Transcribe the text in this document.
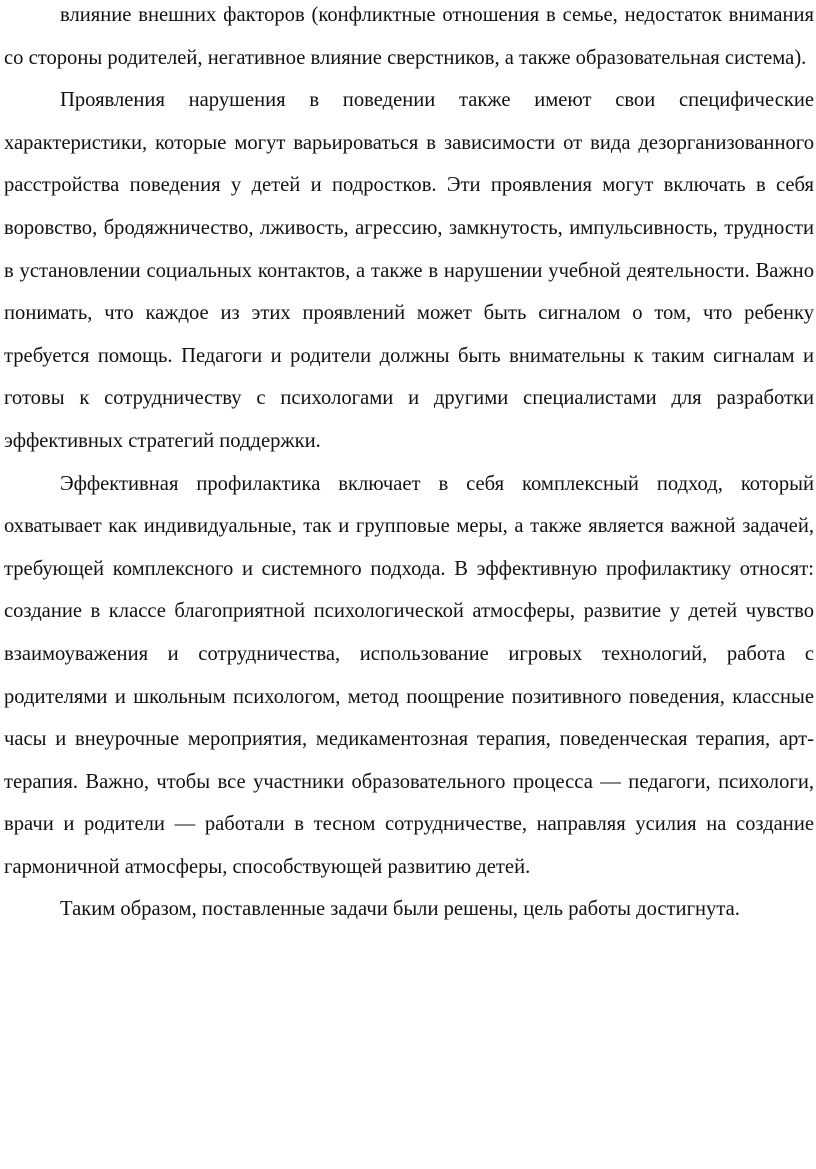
влияние внешних факторов (конфликтные отношения в семье, недостаток внимания со стороны родителей, негативное влияние сверстников, а также образовательная система).

Проявления нарушения в поведении также имеют свои специфические характеристики, которые могут варьироваться в зависимости от вида дезорганизованного расстройства поведения у детей и подростков. Эти проявления могут включать в себя воровство, бродяжничество, лживость, агрессию, замкнутость, импульсивность, трудности в установлении социальных контактов, а также в нарушении учебной деятельности. Важно понимать, что каждое из этих проявлений может быть сигналом о том, что ребенку требуется помощь. Педагоги и родители должны быть внимательны к таким сигналам и готовы к сотрудничеству с психологами и другими специалистами для разработки эффективных стратегий поддержки.

Эффективная профилактика включает в себя комплексный подход, который охватывает как индивидуальные, так и групповые меры, а также является важной задачей, требующей комплексного и системного подхода. В эффективную профилактику относят: создание в классе благоприятной психологической атмосферы, развитие у детей чувство взаимоуважения и сотрудничества, использование игровых технологий, работа с родителями и школьным психологом, метод поощрение позитивного поведения, классные часы и внеурочные мероприятия, медикаментозная терапия, поведенческая терапия, арт-терапия. Важно, чтобы все участники образовательного процесса — педагоги, психологи, врачи и родители — работали в тесном сотрудничестве, направляя усилия на создание гармоничной атмосферы, способствующей развитию детей.

Таким образом, поставленные задачи были решены, цель работы достигнута.
